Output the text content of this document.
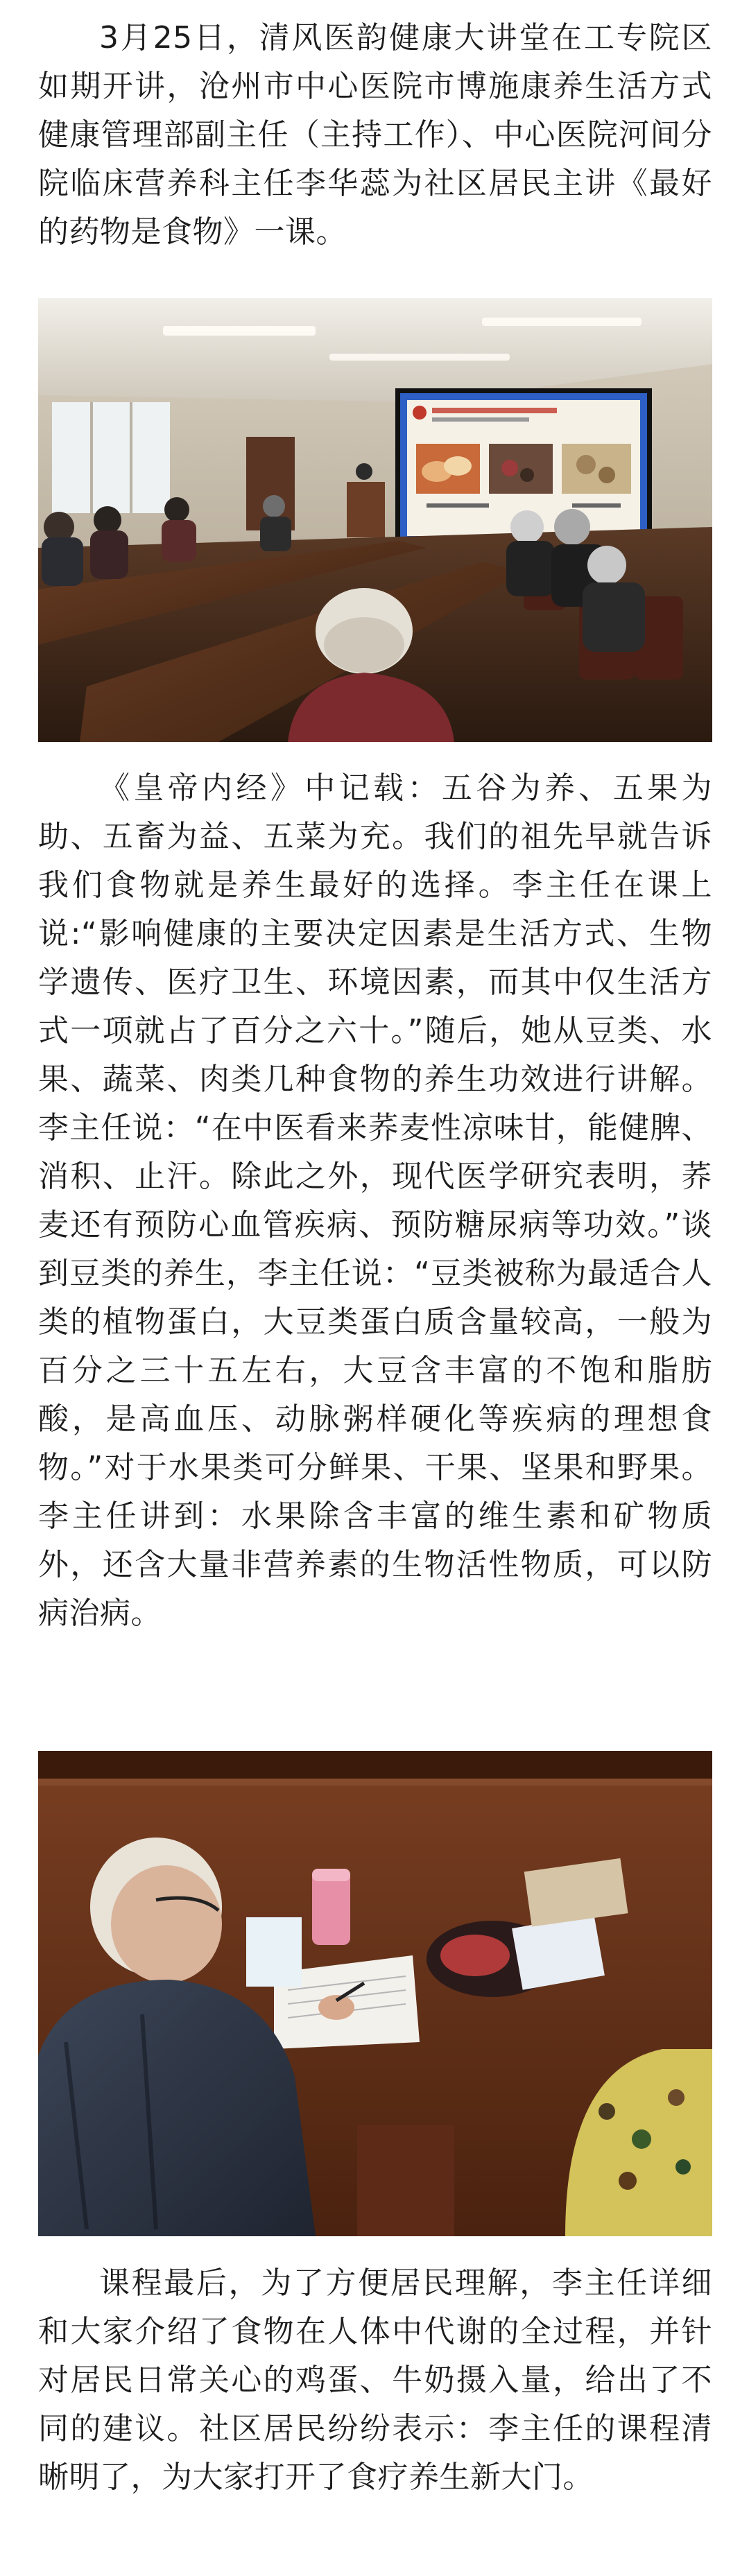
3月25日，清风医韵健康大讲堂在工专院区如期开讲，沧州市中心医院市博施康养生活方式健康管理部副主任（主持工作）、中心医院河间分院临床营养科主任李华蕊为社区居民主讲《最好的药物是食物》一课。

《皇帝内经》中记载：五谷为养、五果为助、五畜为益、五菜为充。我们的祖先早就告诉我们食物就是养生最好的选择。李主任在课上说:“影响健康的主要决定因素是生活方式、生物学遗传、医疗卫生、环境因素，而其中仅生活方式一项就占了百分之六十。”随后，她从豆类、水果、蔬菜、肉类几种食物的养生功效进行讲解。李主任说：“在中医看来荞麦性凉味甘，能健脾、消积、止汗。除此之外，现代医学研究表明，荞麦还有预防心血管疾病、预防糖尿病等功效。”谈到豆类的养生，李主任说：“豆类被称为最适合人类的植物蛋白，大豆类蛋白质含量较高，一般为百分之三十五左右，大豆含丰富的不饱和脂肪酸，是高血压、动脉粥样硬化等疾病的理想食物。”对于水果类可分鲜果、干果、坚果和野果。李主任讲到：水果除含丰富的维生素和矿物质外，还含大量非营养素的生物活性物质，可以防病治病。

课程最后，为了方便居民理解，李主任详细和大家介绍了食物在人体中代谢的全过程，并针对居民日常关心的鸡蛋、牛奶摄入量，给出了不同的建议。社区居民纷纷表示：李主任的课程清晰明了，为大家打开了食疗养生新大门。
